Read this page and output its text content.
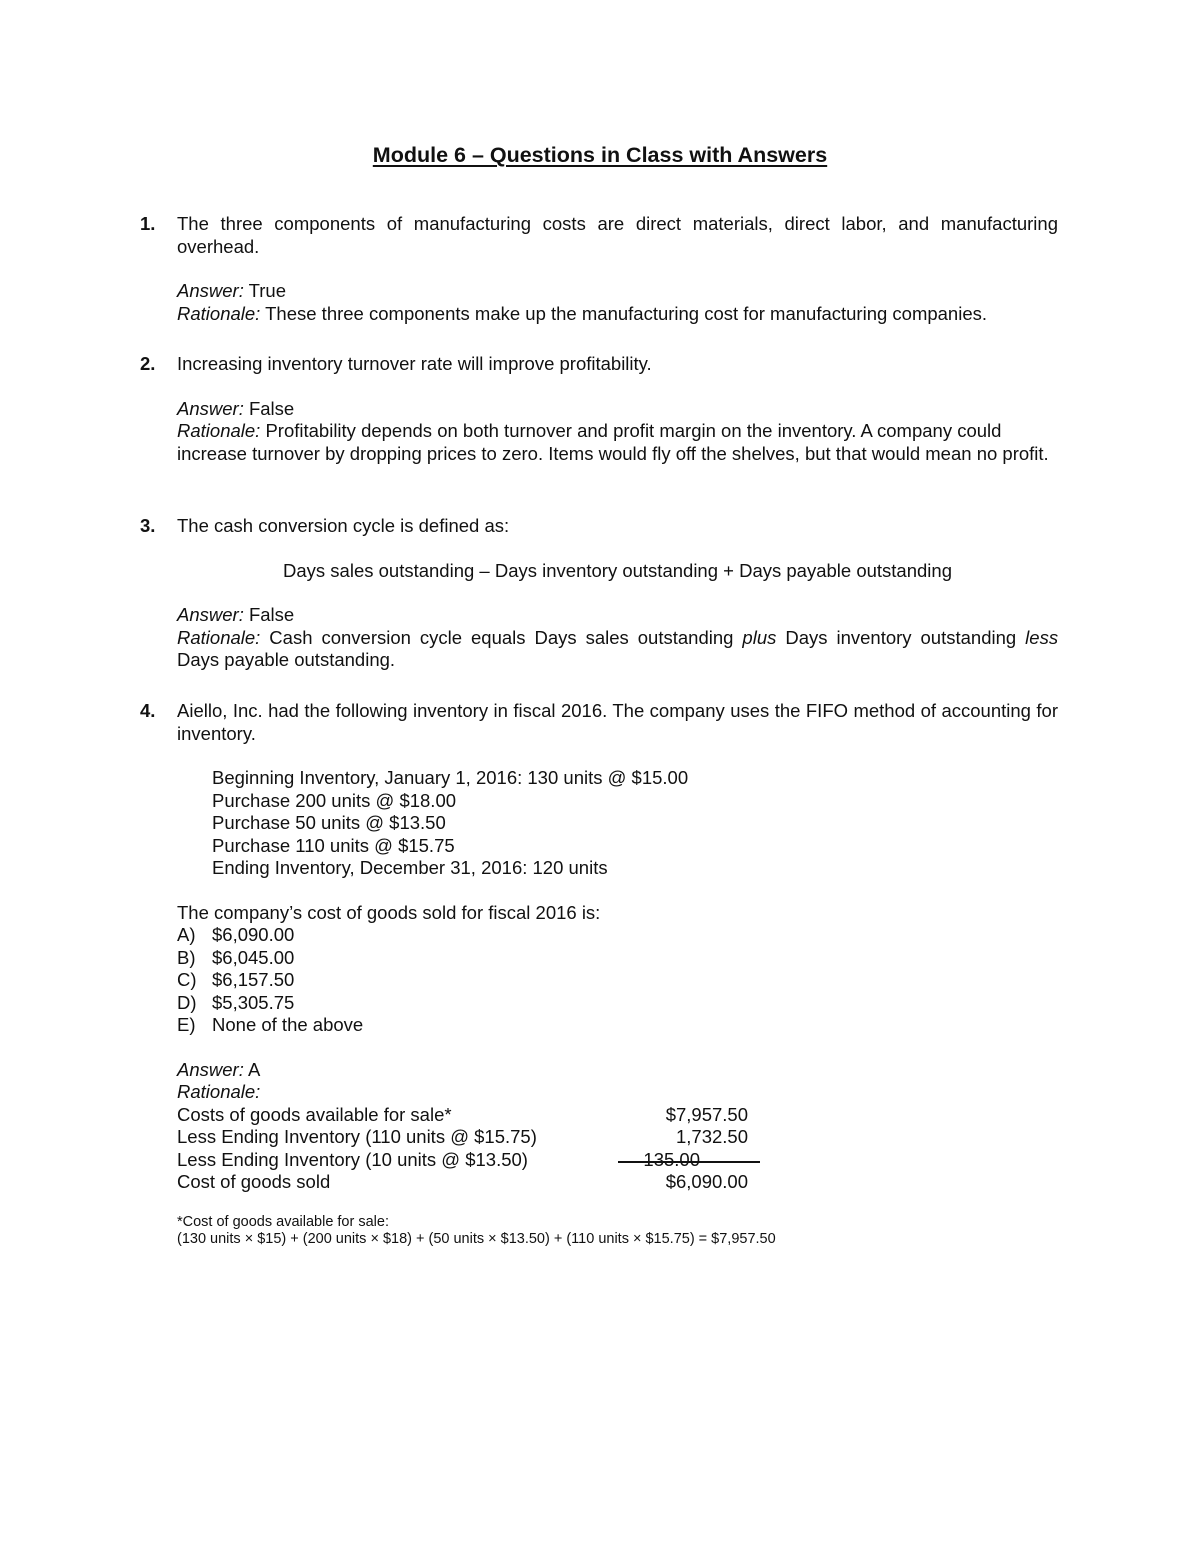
Module 6 – Questions in Class with Answers
1. The three components of manufacturing costs are direct materials, direct labor, and manufacturing overhead.
Answer: True
Rationale: These three components make up the manufacturing cost for manufacturing companies.
2. Increasing inventory turnover rate will improve profitability.
Answer: False
Rationale: Profitability depends on both turnover and profit margin on the inventory. A company could increase turnover by dropping prices to zero. Items would fly off the shelves, but that would mean no profit.
3. The cash conversion cycle is defined as:
Days sales outstanding – Days inventory outstanding + Days payable outstanding
Answer: False
Rationale: Cash conversion cycle equals Days sales outstanding plus Days inventory outstanding less Days payable outstanding.
4. Aiello, Inc. had the following inventory in fiscal 2016. The company uses the FIFO method of accounting for inventory.
Beginning Inventory, January 1, 2016: 130 units @ $15.00
Purchase 200 units @ $18.00
Purchase 50 units @ $13.50
Purchase 110 units @ $15.75
Ending Inventory, December 31, 2016: 120 units
The company’s cost of goods sold for fiscal 2016 is:
A) $6,090.00
B) $6,045.00
C) $6,157.50
D) $5,305.75
E) None of the above
Answer: A
Rationale:
Costs of goods available for sale*	$7,957.50
Less Ending Inventory (110 units @ $15.75)	1,732.50
Less Ending Inventory (10 units @ $13.50)	135.00
Cost of goods sold	$6,090.00
*Cost of goods available for sale:
(130 units × $15) + (200 units × $18) + (50 units × $13.50) + (110 units × $15.75) = $7,957.50
